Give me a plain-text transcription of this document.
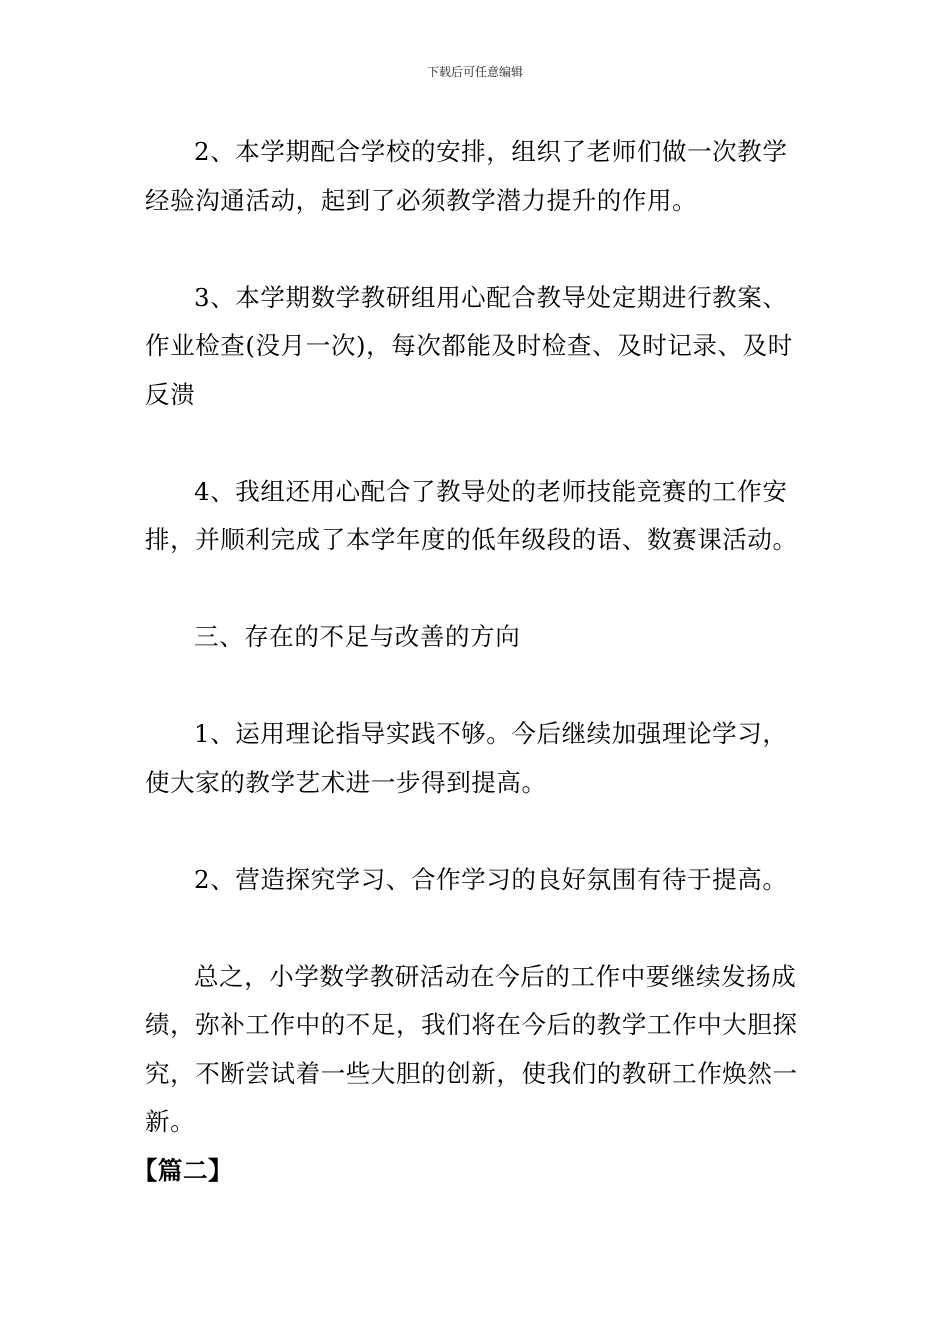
下载后可任意编辑

2、本学期配合学校的安排，组织了老师们做一次教学经验沟通活动，起到了必须教学潜力提升的作用。

3、本学期数学教研组用心配合教导处定期进行教案、作业检查(没月一次)，每次都能及时检查、及时记录、及时反溃

4、我组还用心配合了教导处的老师技能竞赛的工作安排，并顺利完成了本学年度的低年级段的语、数赛课活动。

三、存在的不足与改善的方向

1、运用理论指导实践不够。今后继续加强理论学习，使大家的教学艺术进一步得到提高。

2、营造探究学习、合作学习的良好氛围有待于提高。

总之，小学数学教研活动在今后的工作中要继续发扬成绩，弥补工作中的不足，我们将在今后的教学工作中大胆探究，不断尝试着一些大胆的创新，使我们的教研工作焕然一新。

【篇二】
